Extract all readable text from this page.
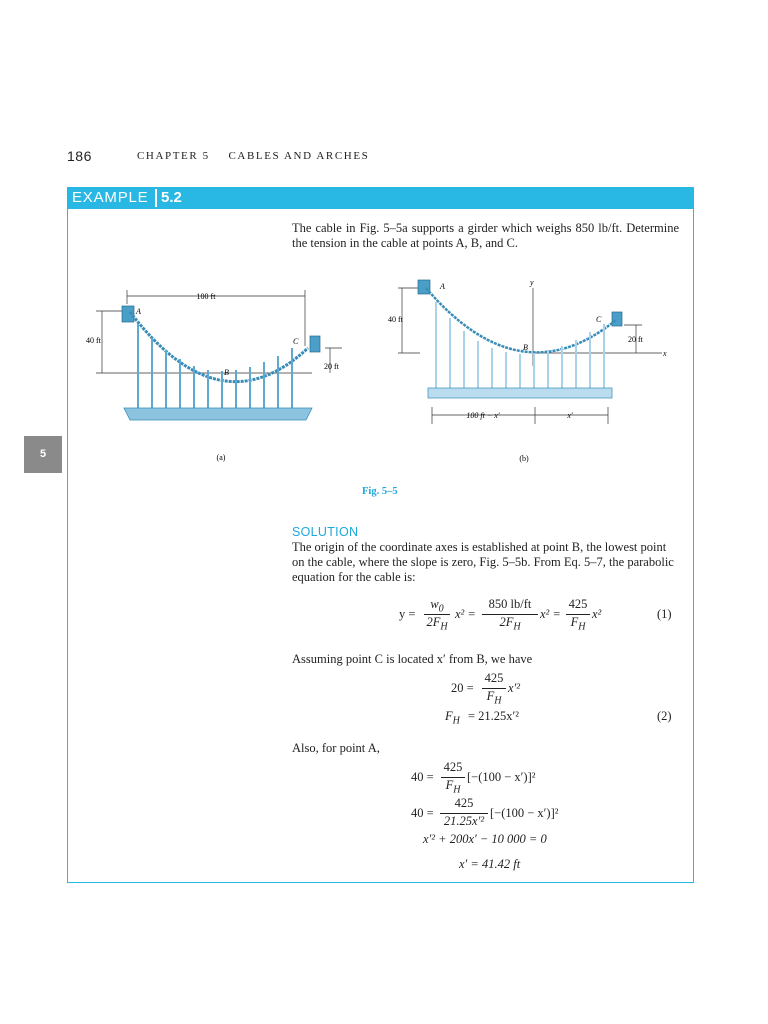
186	CHAPTER 5 CABLES AND ARCHES
EXAMPLE 5.2
5
The cable in Fig. 5–5a supports a girder which weighs 850 lb/ft. Determine the tension in the cable at points A, B, and C.
100 ft
40 ft
20 ft
A
B
C
(a)
y
x
40 ft
20 ft
A
B
C
100 ft − x′	x′
(b)
Fig. 5–5
SOLUTION
The origin of the coordinate axes is established at point B, the lowest point on the cable, where the slope is zero, Fig. 5–5b. From Eq. 5–7, the parabolic equation for the cable is:
y =
$w_0$
$2F_H$
x² =
850 lb/ft
$2F_H$
x² =
425
$F_H$
x²	(1)
Assuming point C is located x′ from B, we have
20 =
425
$F_H$
x′²
$F_H = 21.25x'^2$	(2)
Also, for point A,
40 =
425
$F_H$
[−(100 − x′)]²
40 =
425
21.25x′²
[−(100 − x′)]²
x′² + 200x′ − 10 000 = 0
x′ = 41.42 ft
